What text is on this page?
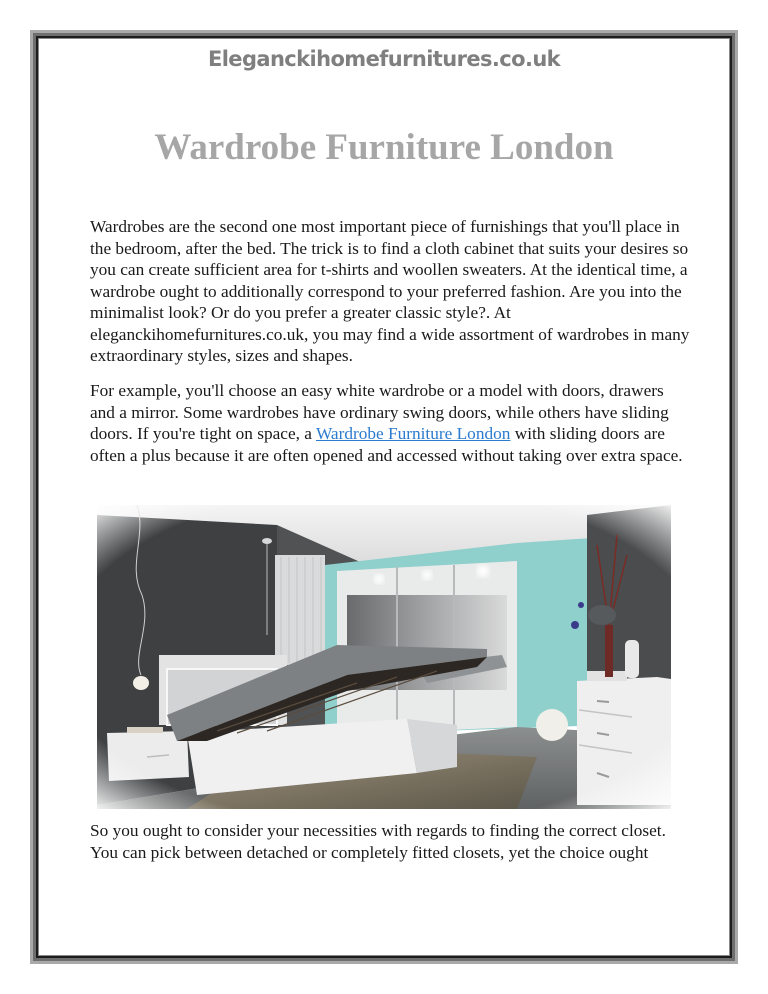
Eleganckihomefurnitures.co.uk
Wardrobe Furniture London

Wardrobes are the second one most important piece of furnishings that you'll place in the bedroom, after the bed. The trick is to find a cloth cabinet that suits your desires so you can create sufficient area for t-shirts and woollen sweaters. At the identical time, a wardrobe ought to additionally correspond to your preferred fashion. Are you into the minimalist look? Or do you prefer a greater classic style?. At eleganckihomefurnitures.co.uk, you may find a wide assortment of wardrobes in many extraordinary styles, sizes and shapes.

For example, you'll choose an easy white wardrobe or a model with doors, drawers and a mirror. Some wardrobes have ordinary swing doors, while others have sliding doors. If you're tight on space, a Wardrobe Furniture London with sliding doors are often a plus because it are often opened and accessed without taking over extra space.

So you ought to consider your necessities with regards to finding the correct closet. You can pick between detached or completely fitted closets, yet the choice ought
